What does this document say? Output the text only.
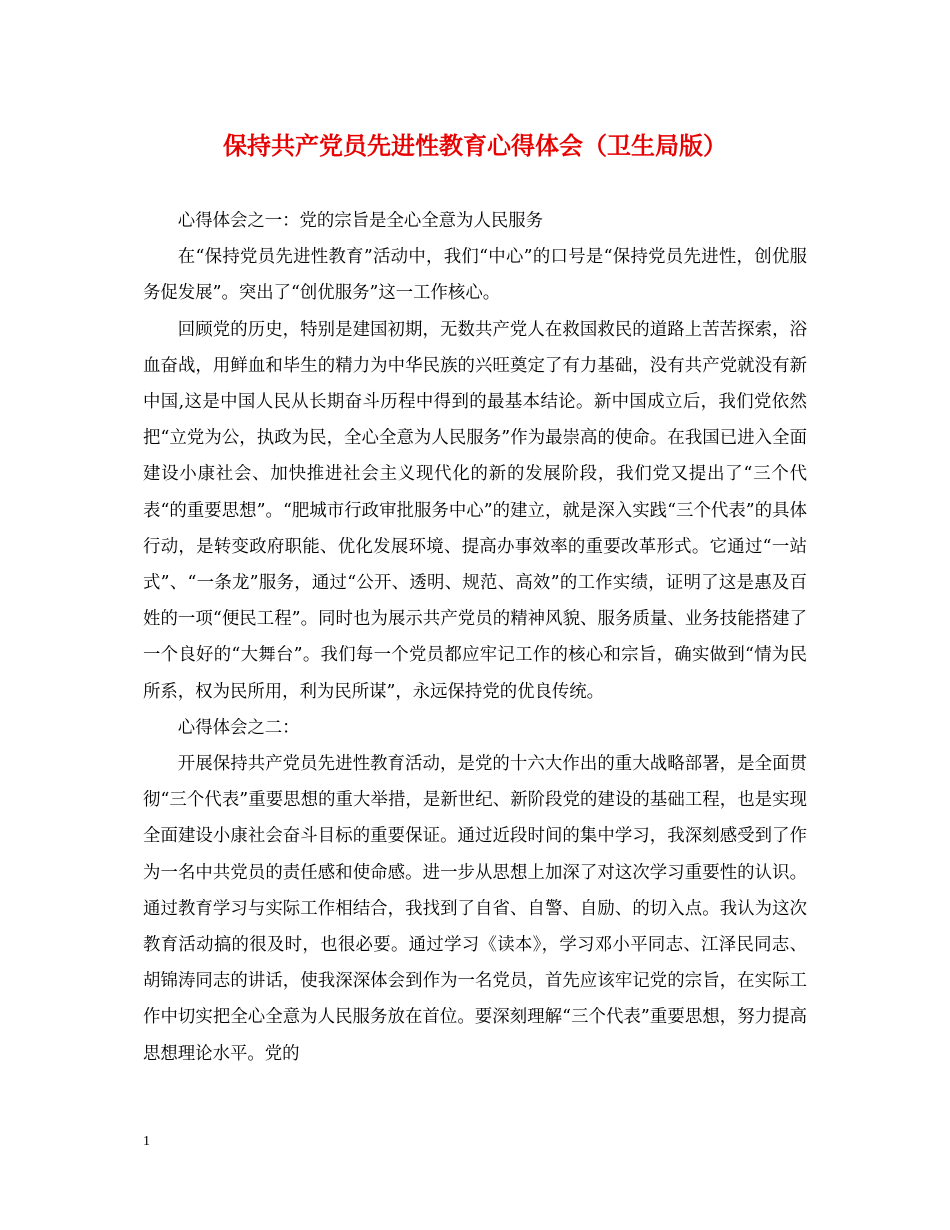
保持共产党员先进性教育心得体会（卫生局版）

心得体会之一：党的宗旨是全心全意为人民服务

在“保持党员先进性教育”活动中，我们“中心”的口号是“保持党员先进性，创优服务促发展”。突出了“创优服务”这一工作核心。

回顾党的历史，特别是建国初期，无数共产党人在救国救民的道路上苦苦探索，浴血奋战，用鲜血和毕生的精力为中华民族的兴旺奠定了有力基础，没有共产党就没有新中国,这是中国人民从长期奋斗历程中得到的最基本结论。新中国成立后，我们党依然把“立党为公，执政为民，全心全意为人民服务”作为最崇高的使命。在我国已进入全面建设小康社会、加快推进社会主义现代化的新的发展阶段，我们党又提出了“三个代表“的重要思想”。“肥城市行政审批服务中心”的建立，就是深入实践“三个代表”的具体行动，是转变政府职能、优化发展环境、提高办事效率的重要改革形式。它通过“一站式”、“一条龙”服务，通过“公开、透明、规范、高效”的工作实绩，证明了这是惠及百姓的一项“便民工程”。同时也为展示共产党员的精神风貌、服务质量、业务技能搭建了一个良好的“大舞台”。我们每一个党员都应牢记工作的核心和宗旨，确实做到“情为民所系，权为民所用，利为民所谋”，永远保持党的优良传统。

心得体会之二：

开展保持共产党员先进性教育活动，是党的十六大作出的重大战略部署，是全面贯彻“三个代表”重要思想的重大举措，是新世纪、新阶段党的建设的基础工程，也是实现全面建设小康社会奋斗目标的重要保证。通过近段时间的集中学习，我深刻感受到了作为一名中共党员的责任感和使命感。进一步从思想上加深了对这次学习重要性的认识。通过教育学习与实际工作相结合，我找到了自省、自警、自励、的切入点。我认为这次教育活动搞的很及时，也很必要。通过学习《读本》，学习邓小平同志、江泽民同志、胡锦涛同志的讲话，使我深深体会到作为一名党员，首先应该牢记党的宗旨，在实际工作中切实把全心全意为人民服务放在首位。要深刻理解“三个代表”重要思想，努力提高思想理论水平。党的

1
